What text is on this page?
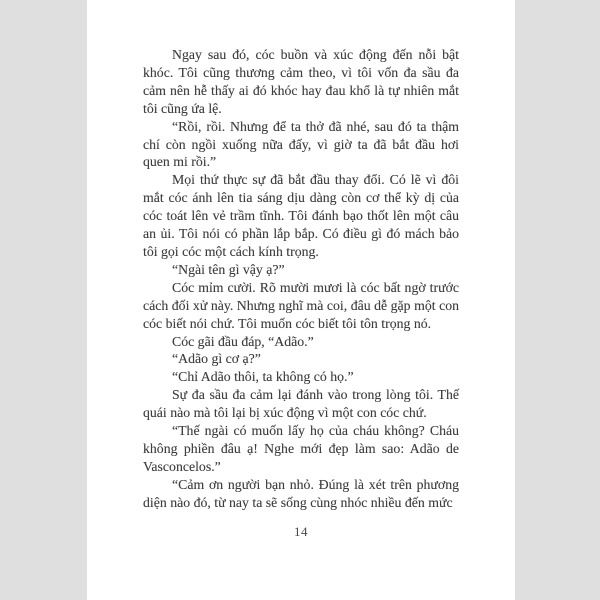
Ngay sau đó, cóc buồn và xúc động đến nỗi bật khóc. Tôi cũng thương cảm theo, vì tôi vốn đa sầu đa cảm nên hễ thấy ai đó khóc hay đau khổ là tự nhiên mắt tôi cũng ứa lệ.

“Rồi, rồi. Nhưng để ta thở đã nhé, sau đó ta thậm chí còn ngồi xuống nữa đấy, vì giờ ta đã bắt đầu hơi quen mi rồi.”

Mọi thứ thực sự đã bắt đầu thay đổi. Có lẽ vì đôi mắt cóc ánh lên tia sáng dịu dàng còn cơ thể kỳ dị của cóc toát lên vẻ trầm tĩnh. Tôi đánh bạo thốt lên một câu an ủi. Tôi nói có phần lắp bắp. Có điều gì đó mách bảo tôi gọi cóc một cách kính trọng.

“Ngài tên gì vậy ạ?”

Cóc mỉm cười. Rõ mười mươi là cóc bất ngờ trước cách đối xử này. Nhưng nghĩ mà coi, đâu dễ gặp một con cóc biết nói chứ. Tôi muốn cóc biết tôi tôn trọng nó.

Cóc gãi đầu đáp, “Adão.”

“Adão gì cơ ạ?”

“Chỉ Adão thôi, ta không có họ.”

Sự đa sầu đa cảm lại đánh vào trong lòng tôi. Thế quái nào mà tôi lại bị xúc động vì một con cóc chứ.

“Thế ngài có muốn lấy họ của cháu không? Cháu không phiền đâu ạ! Nghe mới đẹp làm sao: Adão de Vasconcelos.”

“Cảm ơn người bạn nhỏ. Đúng là xét trên phương diện nào đó, từ nay ta sẽ sống cùng nhóc nhiều đến mức

14
